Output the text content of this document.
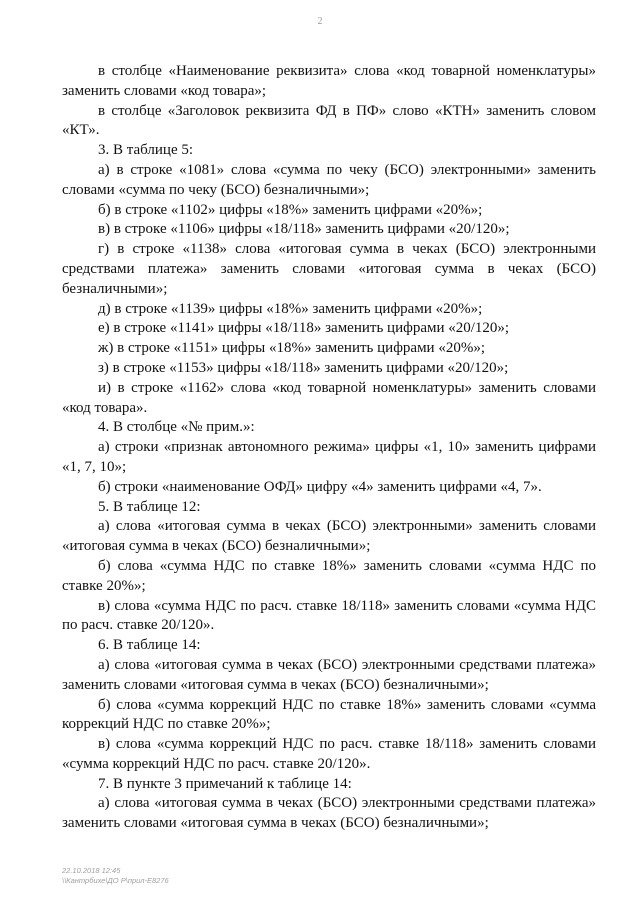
2

в столбце «Наименование реквизита» слова «код товарной номенклатуры» заменить словами «код товара»;

в столбце «Заголовок реквизита ФД в ПФ» слово «КТН» заменить словом «КТ».

3. В таблице 5:

а) в строке «1081» слова «сумма по чеку (БСО) электронными» заменить словами «сумма по чеку (БСО) безналичными»;

б) в строке «1102» цифры «18%» заменить цифрами «20%»;

в) в строке «1106» цифры «18/118» заменить цифрами «20/120»;

г) в строке «1138» слова «итоговая сумма в чеках (БСО) электронными средствами платежа» заменить словами «итоговая сумма в чеках (БСО) безналичными»;

д) в строке «1139» цифры «18%» заменить цифрами «20%»;

е) в строке «1141» цифры «18/118» заменить цифрами «20/120»;

ж) в строке «1151» цифры «18%» заменить цифрами «20%»;

з) в строке «1153» цифры «18/118» заменить цифрами «20/120»;

и) в строке «1162» слова «код товарной номенклатуры» заменить словами «код товара».

4. В столбце «№ прим.»:

а) строки «признак автономного режима» цифры «1, 10» заменить цифрами «1, 7, 10»;

б) строки «наименование ОФД» цифру «4» заменить цифрами «4, 7».

5. В таблице 12:

а) слова «итоговая сумма в чеках (БСО) электронными» заменить словами «итоговая сумма в чеках (БСО) безналичными»;

б) слова «сумма НДС по ставке 18%» заменить словами «сумма НДС по ставке 20%»;

в) слова «сумма НДС по расч. ставке 18/118» заменить словами «сумма НДС по расч. ставке 20/120».

6. В таблице 14:

а) слова «итоговая сумма в чеках (БСО) электронными средствами платежа» заменить словами «итоговая сумма в чеках (БСО) безналичными»;

б) слова «сумма коррекций НДС по ставке 18%» заменить словами «сумма коррекций НДС по ставке 20%»;

в) слова «сумма коррекций НДС по расч. ставке 18/118» заменить словами «сумма коррекций НДС по расч. ставке 20/120».

7. В пункте 3 примечаний к таблице 14:

а) слова «итоговая сумма в чеках (БСО) электронными средствами платежа» заменить словами «итоговая сумма в чеках (БСО) безналичными»;

22.10.2018 12:45
\\Кантрбихе\ДО Р\прил-Е8276
